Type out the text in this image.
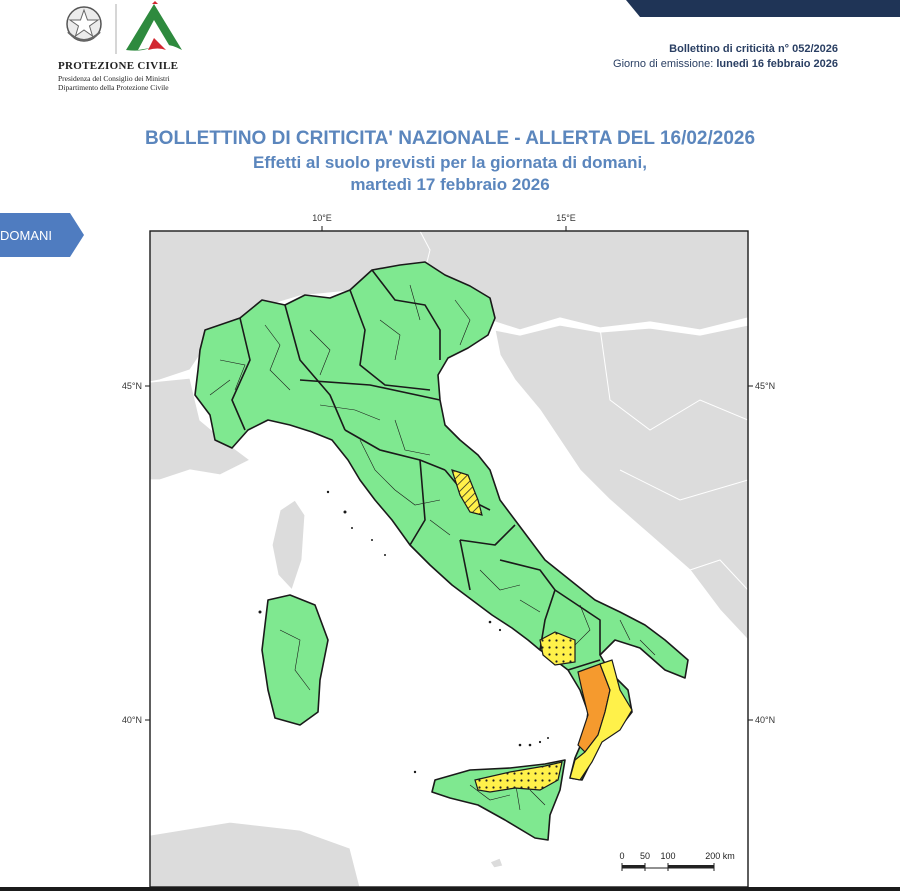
PROTEZIONE CIVILE
Presidenza del Consiglio dei Ministri
Dipartimento della Protezione Civile
Bollettino di criticità n° 052/2026
Giorno di emissione: lunedì 16 febbraio 2026
BOLLETTINO DI CRITICITA' NAZIONALE - ALLERTA DEL 16/02/2026
Effetti al suolo previsti per la giornata di domani,
martedì 17 febbraio 2026
DOMANI
10°E	15°E
45°N
40°N
45°N
40°N
0 50 100	200 km
